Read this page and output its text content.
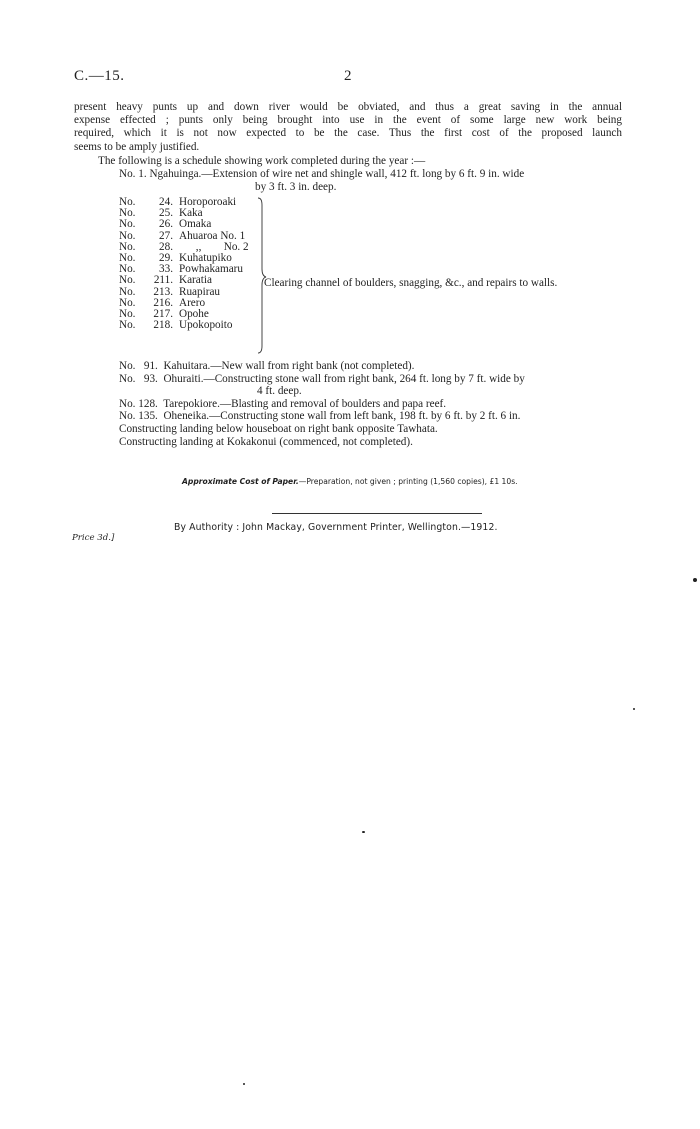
C.—15.	2
present heavy punts up and down river would be obviated, and thus a great saving in the annual
expense effected ; punts only being brought into use in the event of some large new work being
required, which it is not now expected to be the case. Thus the first cost of the proposed launch
seems to be amply justified.
The following is a schedule showing work completed during the year :—
No. 1. Ngahuinga.—Extension of wire net and shingle wall, 412 ft. long by 6 ft. 9 in. wide
by 3 ft. 3 in. deep.
No. 24. Horoporoaki
No. 25. Kaka
No. 26. Omaka
No. 27. Ahuaroa No. 1
No. 28.      ,,        No. 2
No. 29. Kuhatupiko
No. 33. Powhakamaru
No. 211. Karatia
No. 213. Ruapirau
No. 216. Arero
No. 217. Opohe
No. 218. Upokopoito
Clearing channel of boulders, snagging, &c., and repairs to walls.
No.   91.  Kahuitara.—New wall from right bank (not completed).
No.   93.  Ohuraiti.—Constructing stone wall from right bank, 264 ft. long by 7 ft. wide by
4 ft. deep.
No. 128.  Tarepokiore.—Blasting and removal of boulders and papa reef.
No. 135.  Oheneika.—Constructing stone wall from left bank, 198 ft. by 6 ft. by 2 ft. 6 in.
Constructing landing below houseboat on right bank opposite Tawhata.
Constructing landing at Kokakonui (commenced, not completed).
Approximate Cost of Paper.—Preparation, not given ; printing (1,560 copies), £1 10s.
By Authority : John Mackay, Government Printer, Wellington.—1912.
Price 3d.]
